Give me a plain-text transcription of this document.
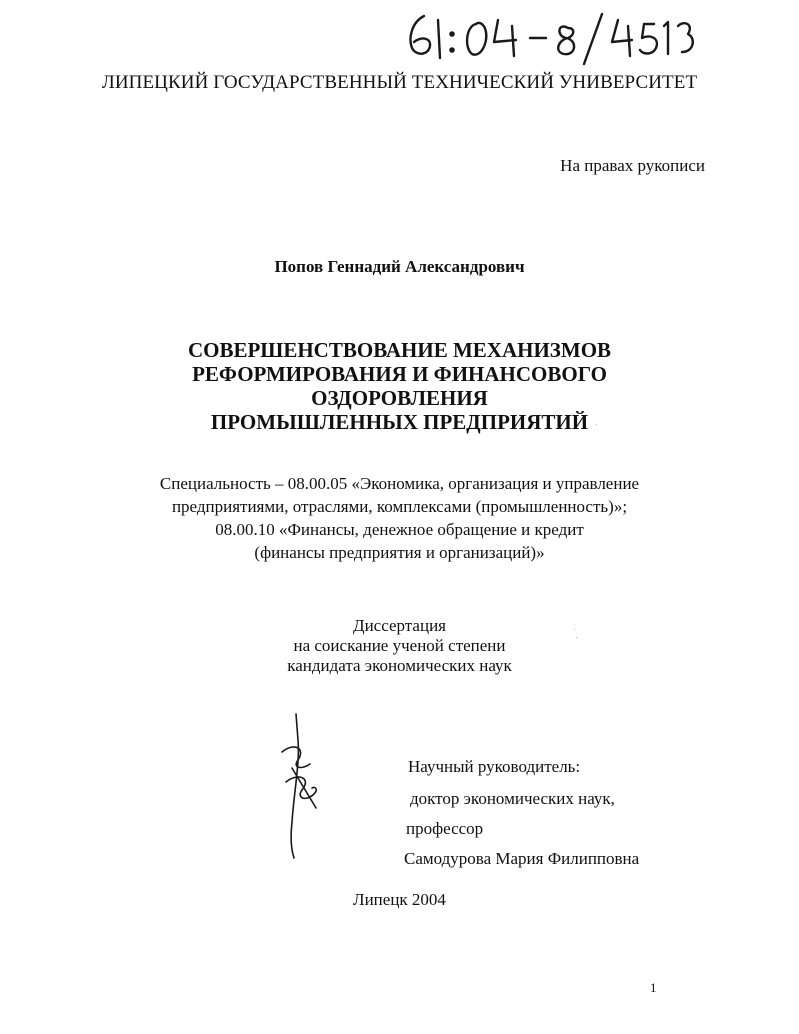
ЛИПЕЦКИЙ ГОСУДАРСТВЕННЫЙ ТЕХНИЧЕСКИЙ УНИВЕРСИТЕТ
На правах рукописи
Попов Геннадий Александрович
СОВЕРШЕНСТВОВАНИЕ МЕХАНИЗМОВ
РЕФОРМИРОВАНИЯ И ФИНАНСОВОГО
ОЗДОРОВЛЕНИЯ
ПРОМЫШЛЕННЫХ ПРЕДПРИЯТИЙ
Специальность – 08.00.05 «Экономика, организация и управление
предприятиями, отраслями, комплексами (промышленность)»;
08.00.10 «Финансы, денежное обращение и кредит
(финансы предприятия и организаций)»
Диссертация
на соискание ученой степени
кандидата экономических наук
Научный руководитель:
доктор экономических наук,
профессор
Самодурова Мария Филипповна
Липецк 2004
1
